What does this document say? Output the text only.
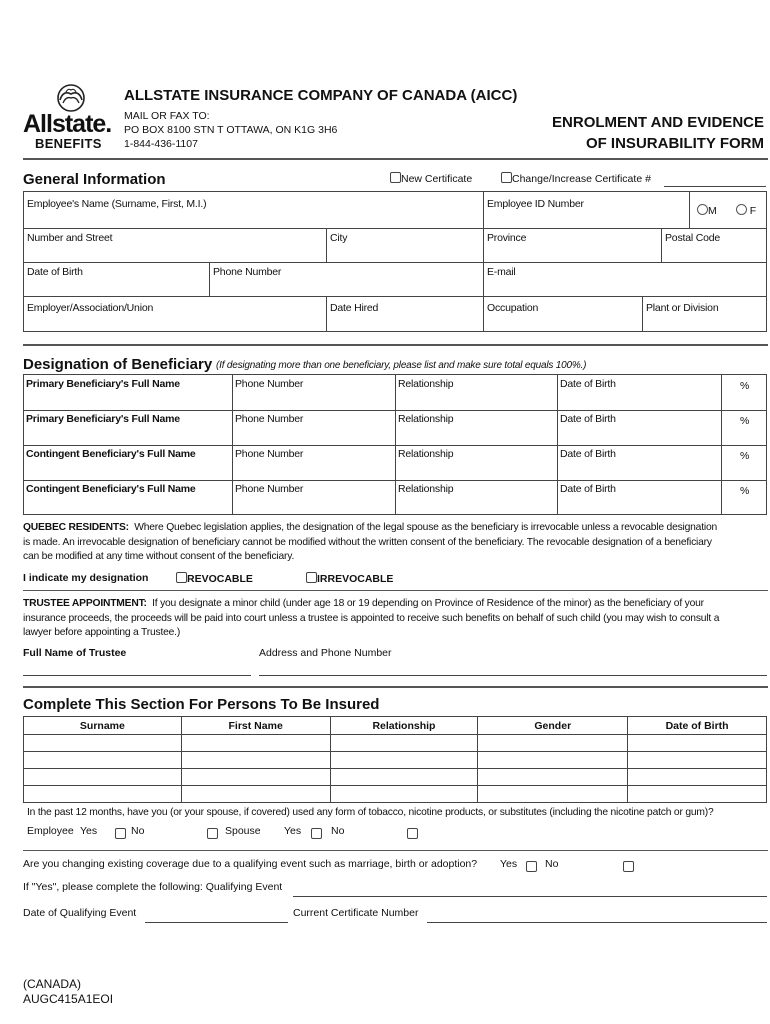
Allstate.
BENEFITS
ALLSTATE INSURANCE COMPANY OF CANADA (AICC)
MAIL OR FAX TO:
PO BOX 8100 STN T OTTAWA, ON K1G 3H6
1-844-436-1107
ENROLMENT AND EVIDENCE
OF INSURABILITY FORM
General Information	New Certificate	Change/Increase Certificate #
Employee's Name (Surname, First, M.I.)	Employee ID Number
M	F
Number and Street	City	Province	Postal Code
Date of Birth	Phone Number	E-mail
Employer/Association/Union	Date Hired	Occupation	Plant or Division
Designation of Beneficiary (If designating more than one beneficiary, please list and make sure total equals 100%.)
Primary Beneficiary's Full Name	Phone Number	Relationship	Date of Birth	%
Primary Beneficiary's Full Name	Phone Number	Relationship	Date of Birth	%
Contingent Beneficiary's Full Name	Phone Number	Relationship	Date of Birth	%
Contingent Beneficiary's Full Name	Phone Number	Relationship	Date of Birth	%
QUEBEC RESIDENTS: Where Quebec legislation applies, the designation of the legal spouse as the beneficiary is irrevocable unless a revocable designation
is made. An irrevocable designation of beneficiary cannot be modified without the written consent of the beneficiary. The revocable designation of a beneficiary
can be modified at any time without consent of the beneficiary.
I indicate my designation	REVOCABLE	IRREVOCABLE
TRUSTEE APPOINTMENT: If you designate a minor child (under age 18 or 19 depending on Province of Residence of the minor) as the beneficiary of your
insurance proceeds, the proceeds will be paid into court unless a trustee is appointed to receive such benefits on behalf of such child (you may wish to consult a
lawyer before appointing a Trustee.)
Full Name of Trustee	Address and Phone Number
Complete This Section For Persons To Be Insured
Surname	First Name	Relationship	Gender	Date of Birth

In the past 12 months, have you (or your spouse, if covered) used any form of tobacco, nicotine products, or substitutes (including the nicotine patch or gum)?
Employee Yes	No	Spouse Yes	No
Are you changing existing coverage due to a qualifying event such as marriage, birth or adoption? Yes	No
If "Yes", please complete the following: Qualifying Event
Date of Qualifying Event	Current Certificate Number
(CANADA)
AUGC415A1EOI
